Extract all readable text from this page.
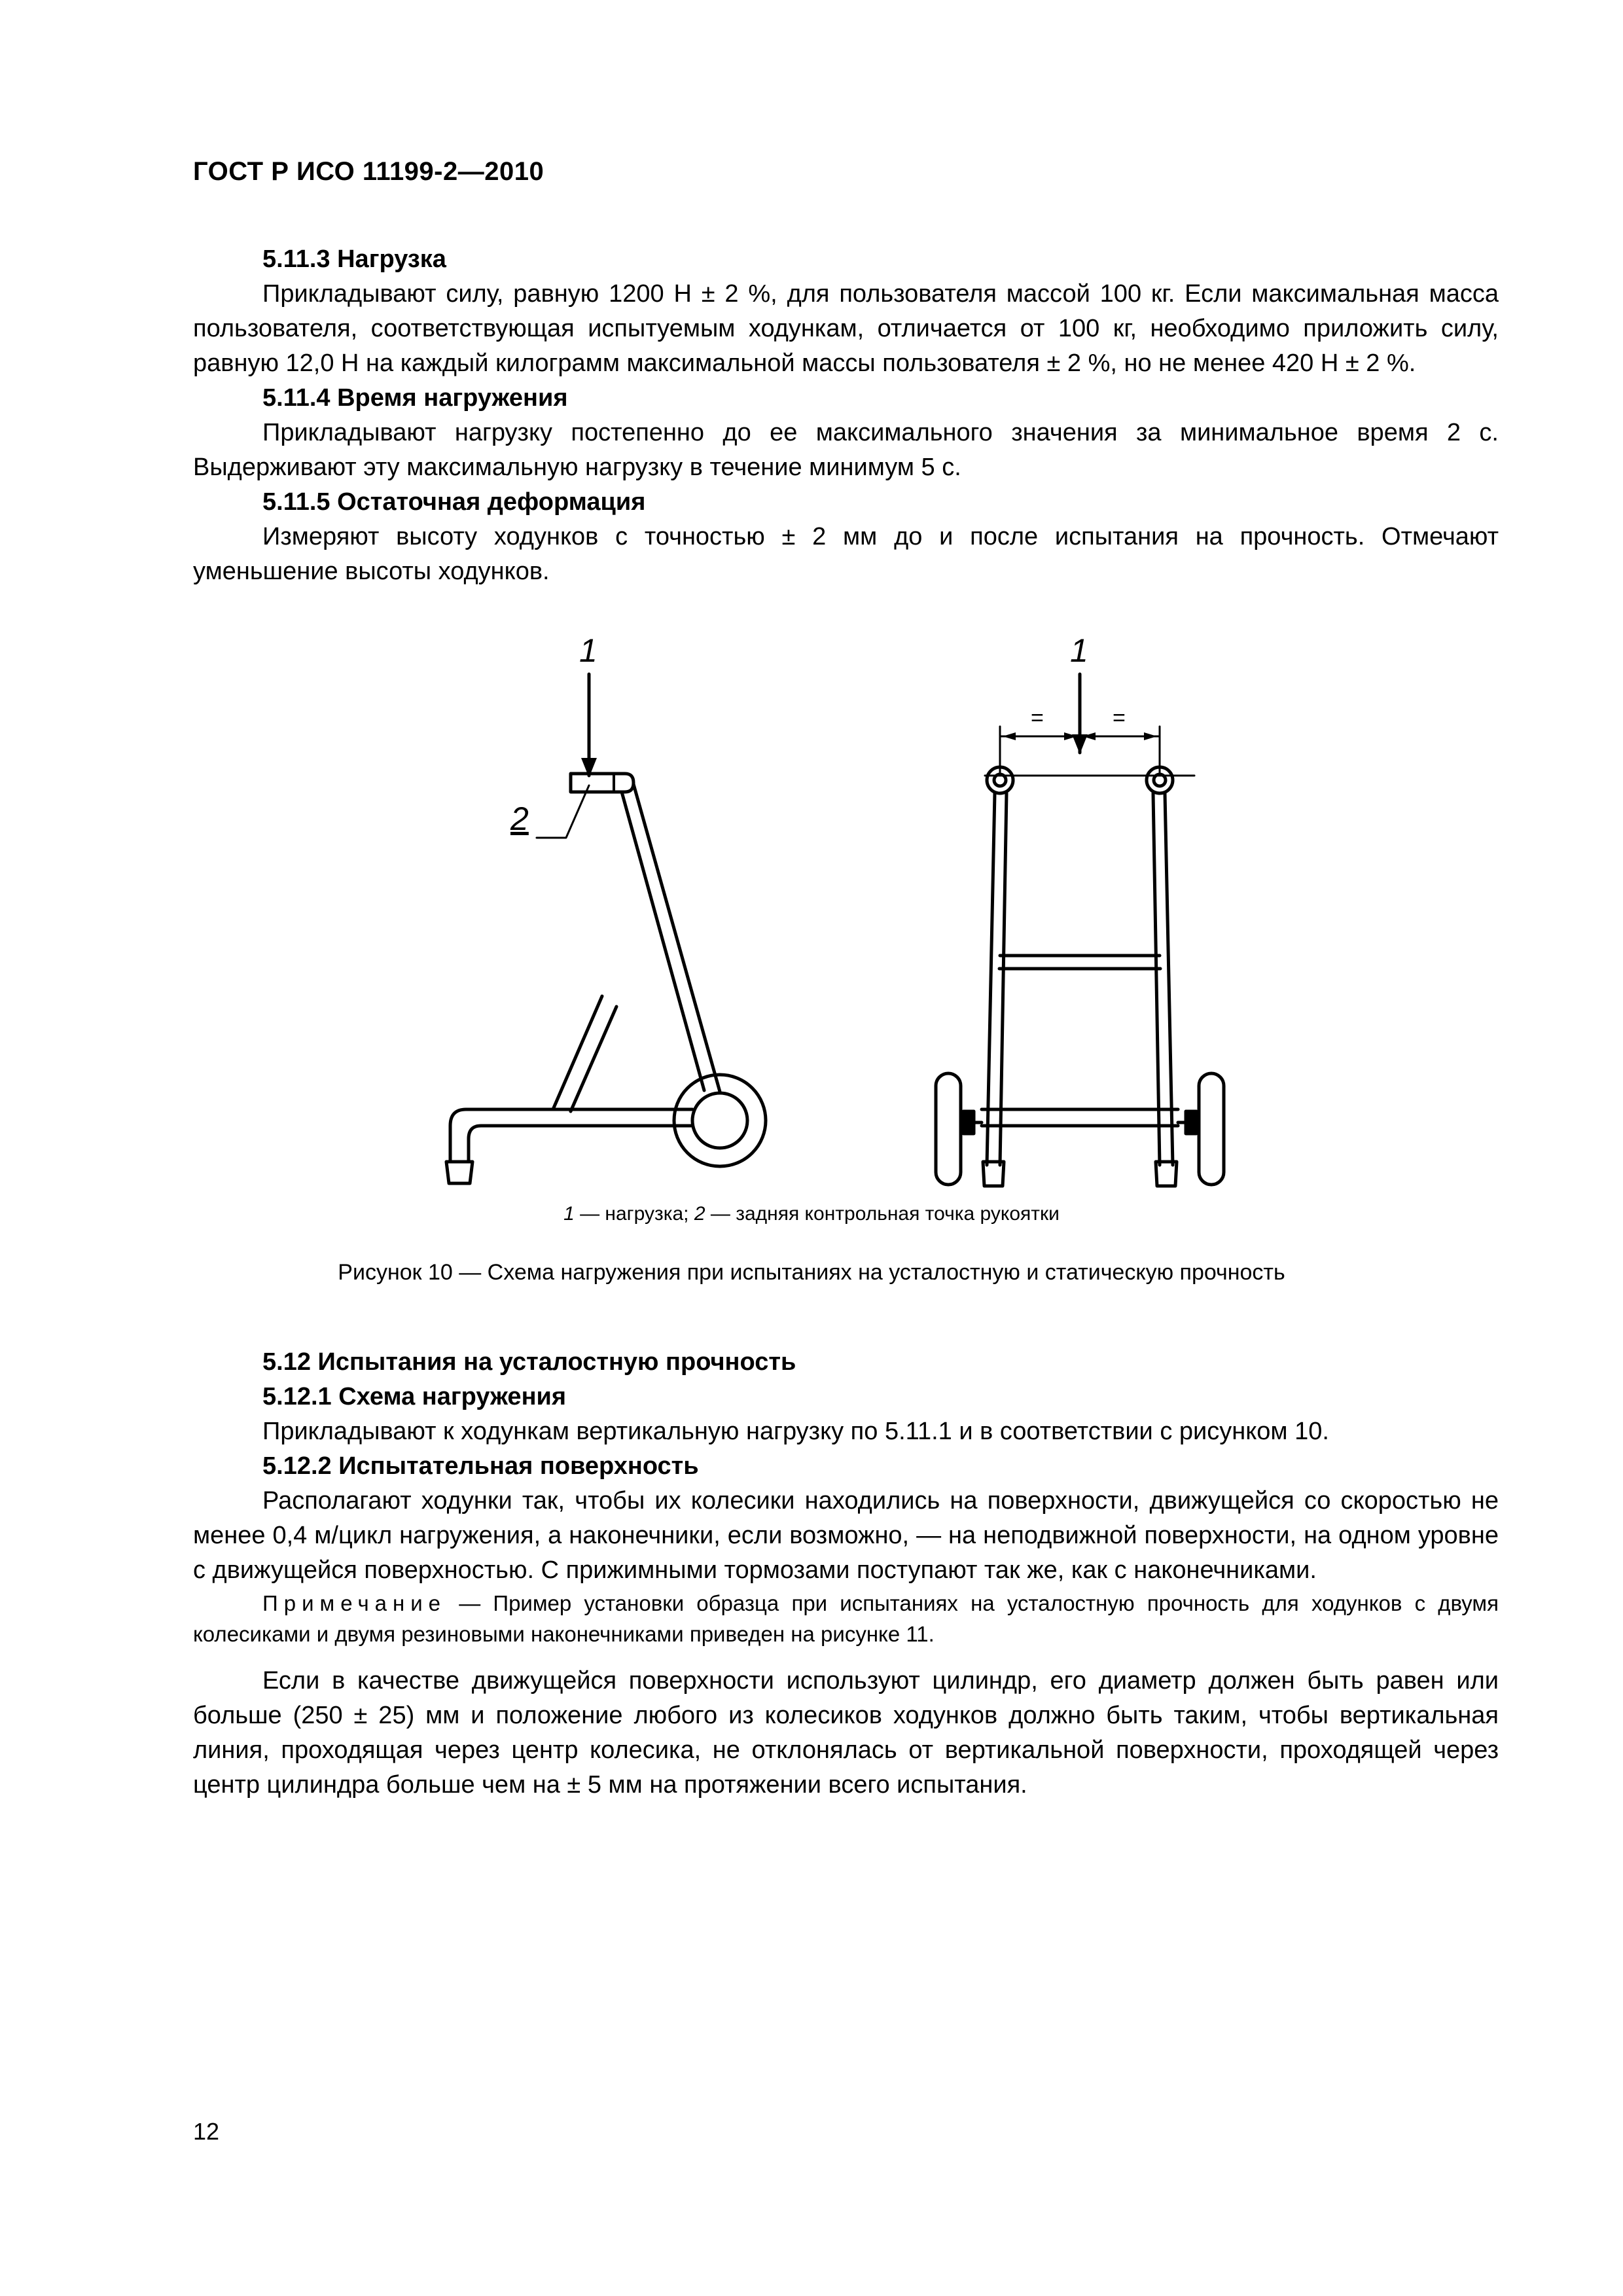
ГОСТ Р ИСО 11199-2—2010

5.11.3 Нагрузка

Прикладывают силу, равную 1200 Н ± 2 %, для пользователя массой 100 кг. Если максимальная масса пользователя, соответствующая испытуемым ходункам, отличается от 100 кг, необходимо приложить силу, равную 12,0 Н на каждый килограмм максимальной массы пользователя ± 2 %, но не менее 420 Н ± 2 %.

5.11.4 Время нагружения

Прикладывают нагрузку постепенно до ее максимального значения за минимальное время 2 с. Выдерживают эту максимальную нагрузку в течение минимум 5 с.

5.11.5 Остаточная деформация

Измеряют высоту ходунков с точностью ± 2 мм до и после испытания на прочность. Отмечают уменьшение высоты ходунков.

1
2
1
=	=
1 — нагрузка; 2 — задняя контрольная точка рукоятки
Рисунок 10 — Схема нагружения при испытаниях на усталостную и статическую прочность

5.12 Испытания на усталостную прочность

5.12.1 Схема нагружения

Прикладывают к ходункам вертикальную нагрузку по 5.11.1 и в соответствии с рисунком 10.

5.12.2 Испытательная поверхность

Располагают ходунки так, чтобы их колесики находились на поверхности, движущейся со скоростью не менее 0,4 м/цикл нагружения, а наконечники, если возможно, — на неподвижной поверхности, на одном уровне с движущейся поверхностью. С прижимными тормозами поступают так же, как с наконечниками.

Примечание — Пример установки образца при испытаниях на усталостную прочность для ходунков с двумя колесиками и двумя резиновыми наконечниками приведен на рисунке 11.

Если в качестве движущейся поверхности используют цилиндр, его диаметр должен быть равен или больше (250 ± 25) мм и положение любого из колесиков ходунков должно быть таким, чтобы вертикальная линия, проходящая через центр колесика, не отклонялась от вертикальной поверхности, проходящей через центр цилиндра больше чем на ± 5 мм на протяжении всего испытания.

12
